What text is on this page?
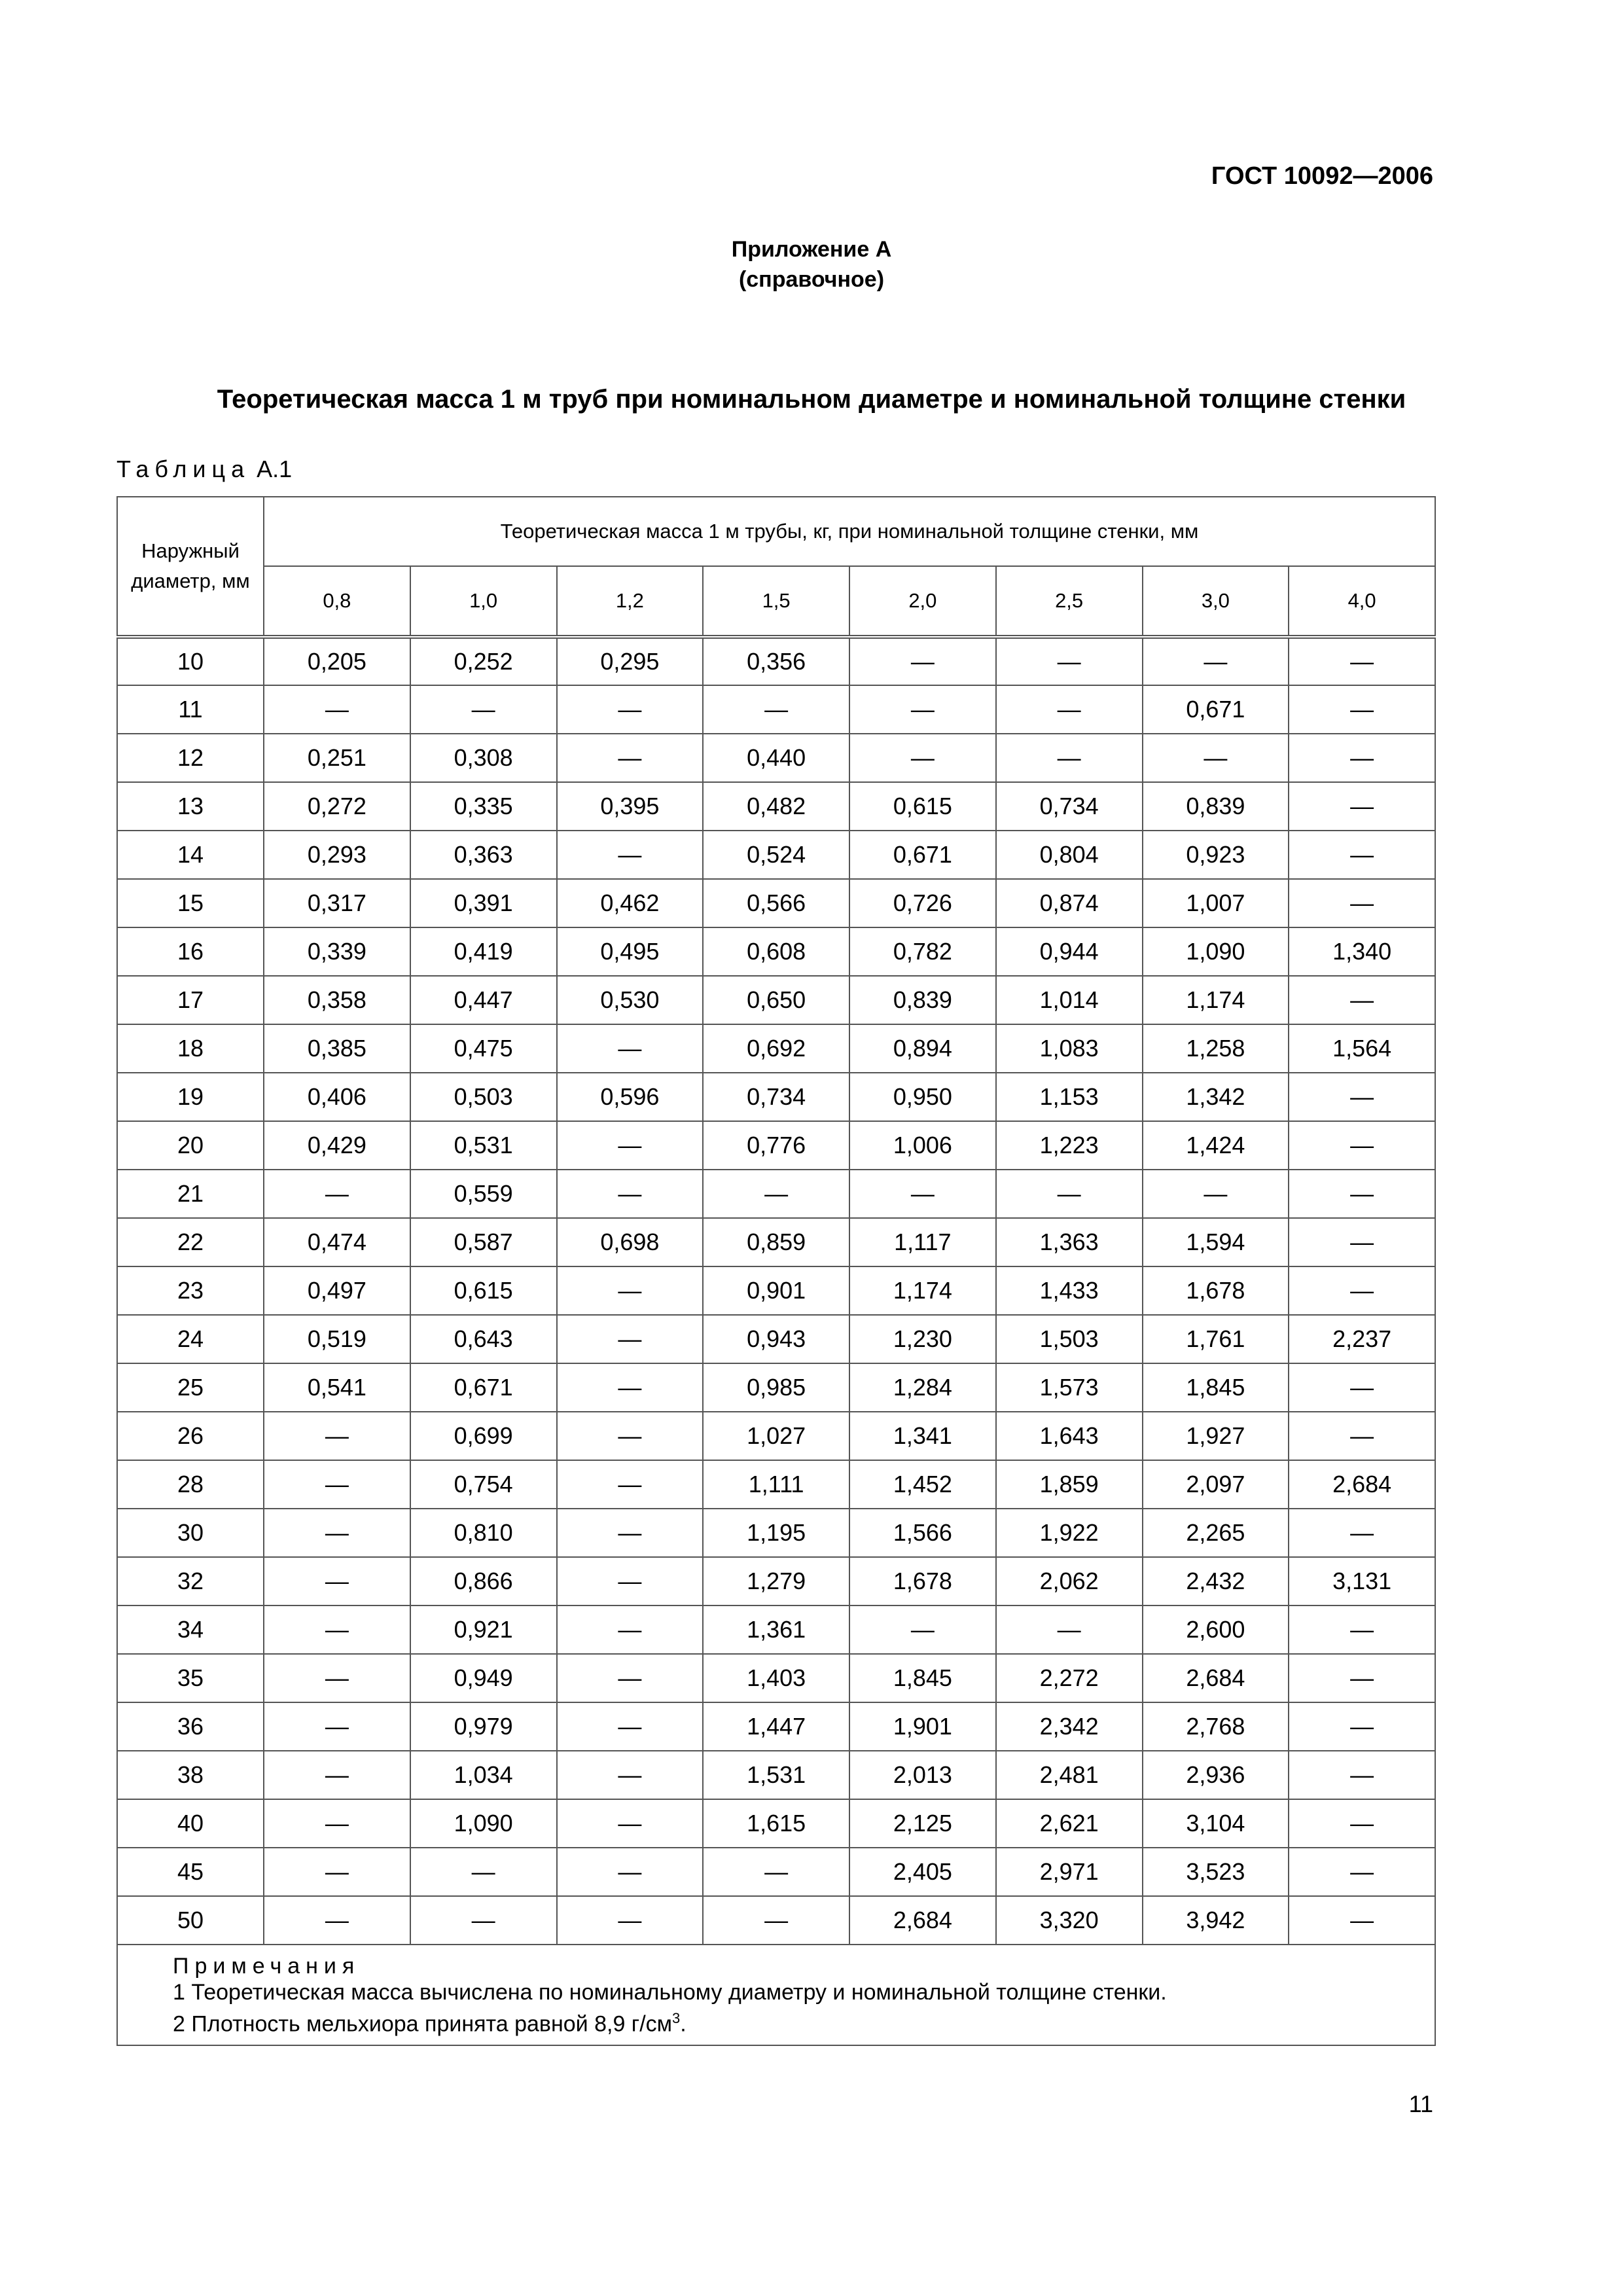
ГОСТ 10092—2006
Приложение А
(справочное)
Теоретическая масса 1 м труб при номинальном диаметре и номинальной толщине стенки
Таблица А.1
Наружный диаметр, мм	Теоретическая масса 1 м трубы, кг, при номинальной толщине стенки, мм							
	0,8	1,0	1,2	1,5	2,0	2,5	3,0	4,0
10	0,205	0,252	0,295	0,356	—	—	—	—
11	—	—	—	—	—	—	0,671	—
12	0,251	0,308	—	0,440	—	—	—	—
13	0,272	0,335	0,395	0,482	0,615	0,734	0,839	—
14	0,293	0,363	—	0,524	0,671	0,804	0,923	—
15	0,317	0,391	0,462	0,566	0,726	0,874	1,007	—
16	0,339	0,419	0,495	0,608	0,782	0,944	1,090	1,340
17	0,358	0,447	0,530	0,650	0,839	1,014	1,174	—
18	0,385	0,475	—	0,692	0,894	1,083	1,258	1,564
19	0,406	0,503	0,596	0,734	0,950	1,153	1,342	—
20	0,429	0,531	—	0,776	1,006	1,223	1,424	—
21	—	0,559	—	—	—	—	—	—
22	0,474	0,587	0,698	0,859	1,117	1,363	1,594	—
23	0,497	0,615	—	0,901	1,174	1,433	1,678	—
24	0,519	0,643	—	0,943	1,230	1,503	1,761	2,237
25	0,541	0,671	—	0,985	1,284	1,573	1,845	—
26	—	0,699	—	1,027	1,341	1,643	1,927	—
28	—	0,754	—	1,111	1,452	1,859	2,097	2,684
30	—	0,810	—	1,195	1,566	1,922	2,265	—
32	—	0,866	—	1,279	1,678	2,062	2,432	3,131
34	—	0,921	—	1,361	—	—	2,600	—
35	—	0,949	—	1,403	1,845	2,272	2,684	—
36	—	0,979	—	1,447	1,901	2,342	2,768	—
38	—	1,034	—	1,531	2,013	2,481	2,936	—
40	—	1,090	—	1,615	2,125	2,621	3,104	—
45	—	—	—	—	2,405	2,971	3,523	—
50	—	—	—	—	2,684	3,320	3,942	—

Примечания
1 Теоретическая масса вычислена по номинальному диаметру и номинальной толщине стенки.
2 Плотность мельхиора принята равной 8,9 $г/см^3$.								
11
